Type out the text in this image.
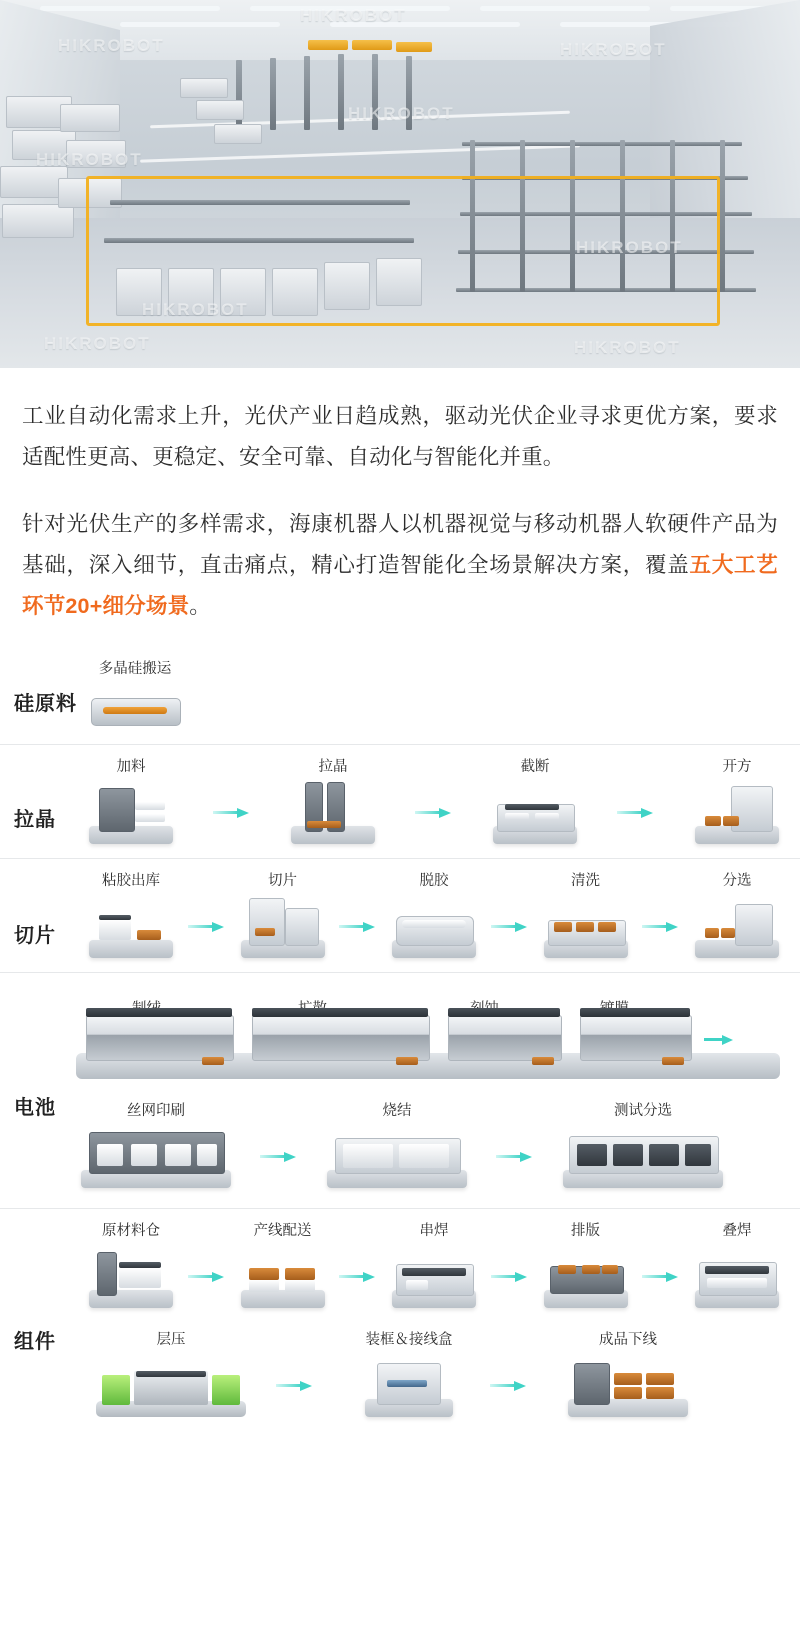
HIKROBOT
HIKROBOT	HIKROBOT
HIKROBOT
HIKROBOT
HIKROBOT
HIKROBOT
HIKROBOT	HIKROBOT

工业自动化需求上升，光伏产业日趋成熟，驱动光伏企业寻求更优方案，要求适配性更高、更稳定、安全可靠、自动化与智能化并重。

针对光伏生产的多样需求，海康机器人以机器视觉与移动机器人软硬件产品为基础，深入细节，直击痛点，精心打造智能化全场景解决方案，覆盖五大工艺环节20+细分场景。

硅原料
多晶硅搬运
拉晶
加料	拉晶	截断	开方
切片
粘胶出库	切片	脱胶	清洗	分选
电池	丝网印刷	烧结	测试分选
组件
原材料仓	产线配送	串焊	排版	叠焊
层压	装框＆接线盒	成品下线
